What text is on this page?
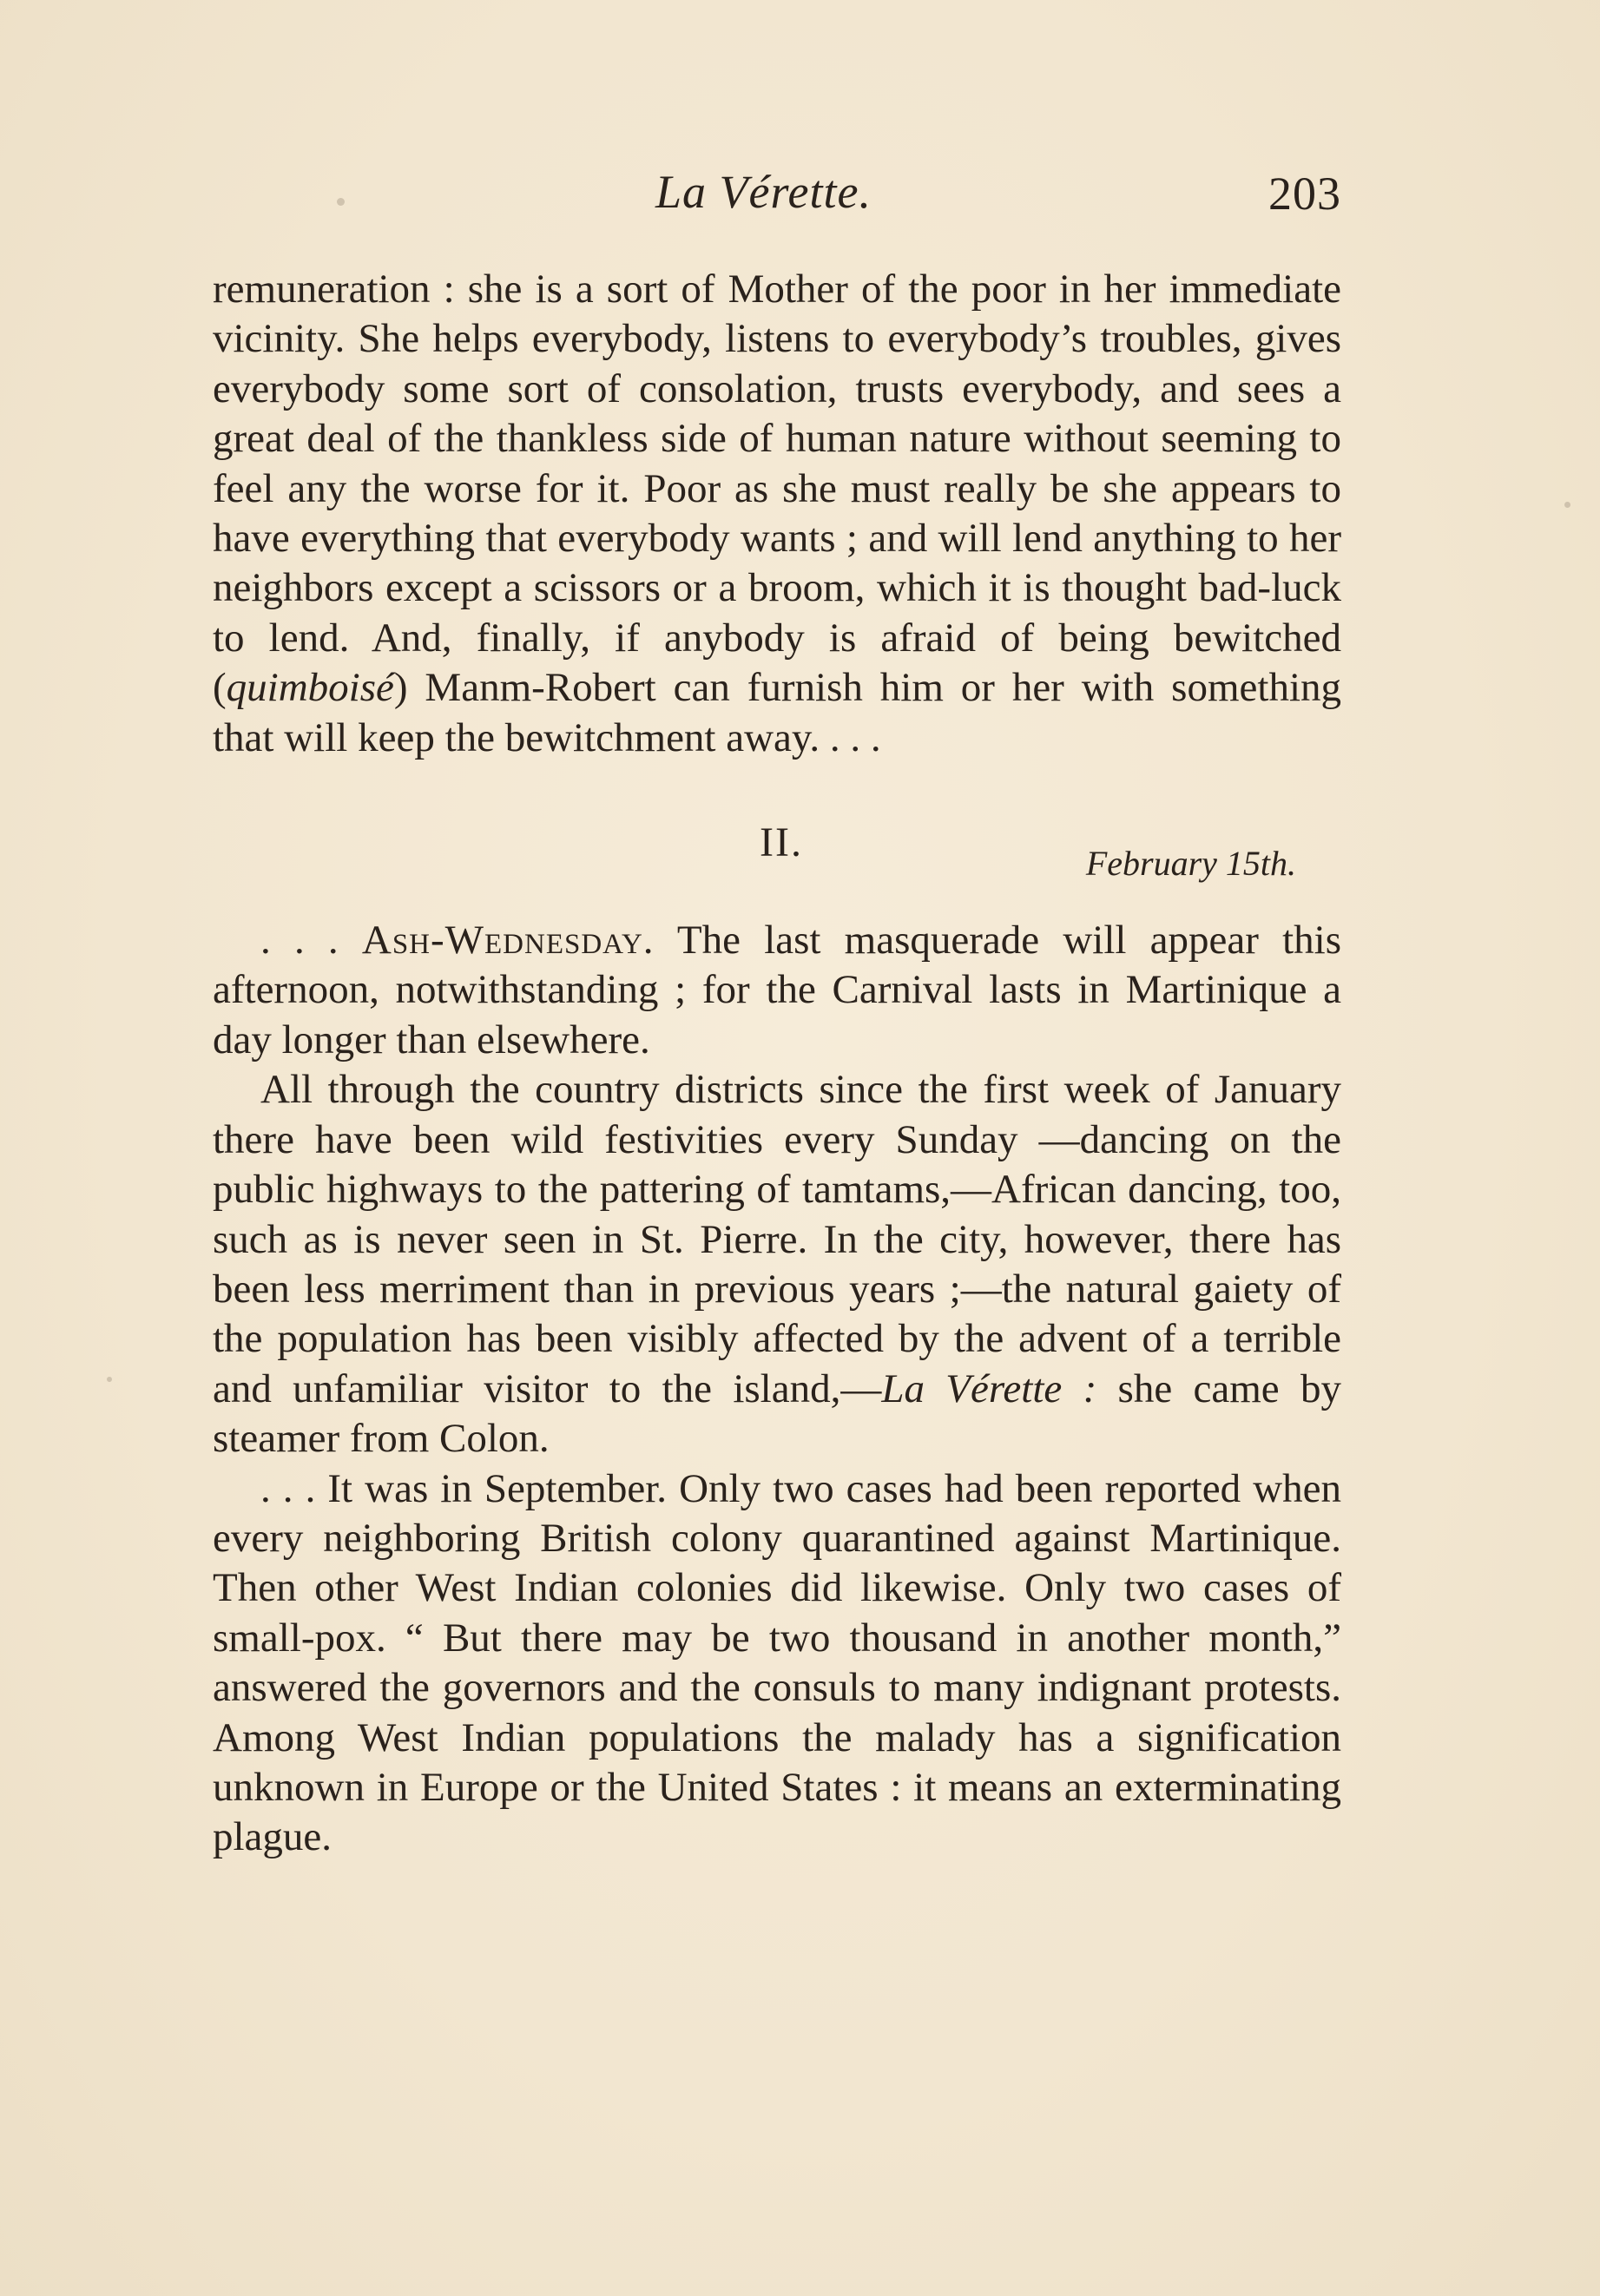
La Vérette.	203

remuneration : she is a sort of Mother of the poor in her immediate vicinity. She helps everybody, listens to everybody’s troubles, gives everybody some sort of consolation, trusts everybody, and sees a great deal of the thankless side of human nature without seeming to feel any the worse for it. Poor as she must really be she appears to have everything that everybody wants ; and will lend anything to her neighbors except a scissors or a broom, which it is thought bad-luck to lend. And, finally, if anybody is afraid of being bewitched (quimboisé) Manm-Robert can furnish him or her with something that will keep the bewitchment away. . . .

II.	February 15th.

. . . Ash-Wednesday. The last masquerade will appear this afternoon, notwithstanding ; for the Carnival lasts in Martinique a day longer than elsewhere.

All through the country districts since the first week of January there have been wild festivities every Sunday —dancing on the public highways to the pattering of tamtams,—African dancing, too, such as is never seen in St. Pierre. In the city, however, there has been less merriment than in previous years ;—the natural gaiety of the population has been visibly affected by the advent of a terrible and unfamiliar visitor to the island,—La Vérette : she came by steamer from Colon.

. . . It was in September. Only two cases had been reported when every neighboring British colony quarantined against Martinique. Then other West Indian colonies did likewise. Only two cases of small-pox. “ But there may be two thousand in another month,” answered the governors and the consuls to many indignant protests. Among West Indian populations the malady has a signification unknown in Europe or the United States : it means an exterminating plague.
